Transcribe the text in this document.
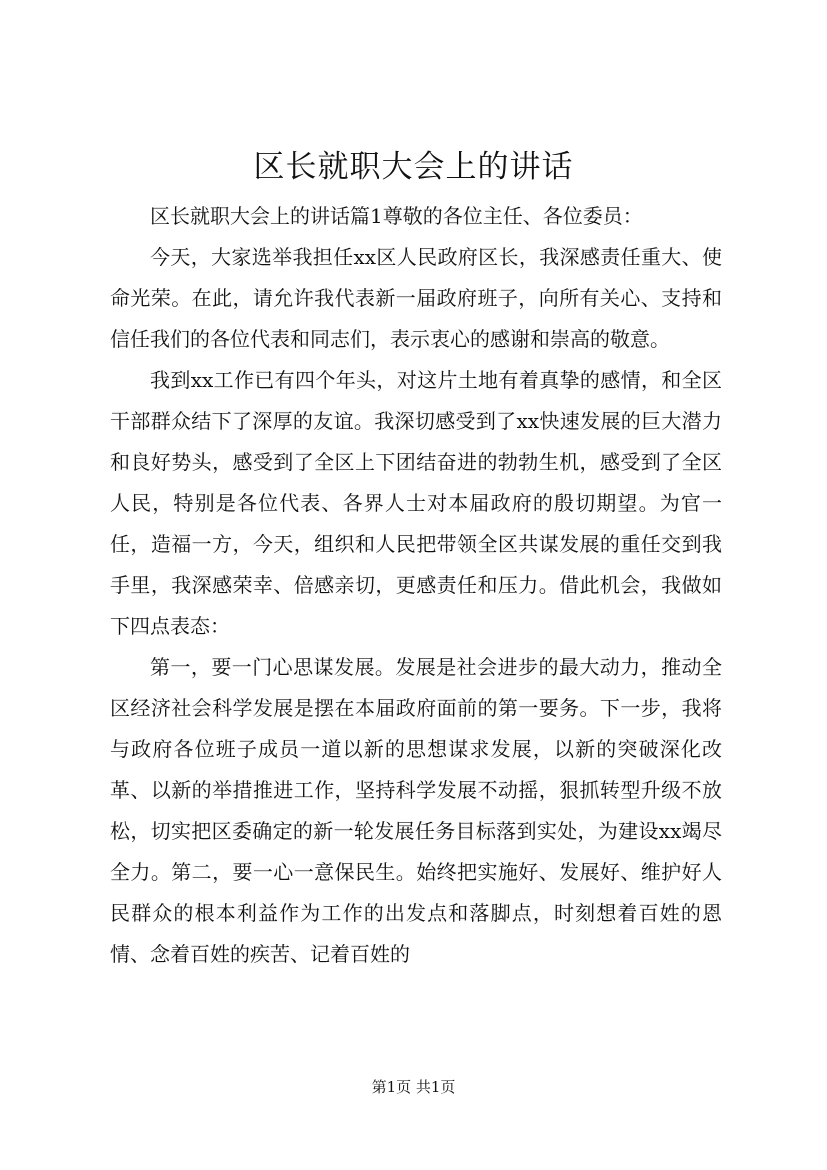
区长就职大会上的讲话

区长就职大会上的讲话篇1尊敬的各位主任、各位委员：

今天，大家选举我担任xx区人民政府区长，我深感责任重大、使命光荣。在此，请允许我代表新一届政府班子，向所有关心、支持和信任我们的各位代表和同志们，表示衷心的感谢和崇高的敬意。

我到xx工作已有四个年头，对这片土地有着真挚的感情，和全区干部群众结下了深厚的友谊。我深切感受到了xx快速发展的巨大潜力和良好势头，感受到了全区上下团结奋进的勃勃生机，感受到了全区人民，特别是各位代表、各界人士对本届政府的殷切期望。为官一任，造福一方，今天，组织和人民把带领全区共谋发展的重任交到我手里，我深感荣幸、倍感亲切，更感责任和压力。借此机会，我做如下四点表态：

第一，要一门心思谋发展。发展是社会进步的最大动力，推动全区经济社会科学发展是摆在本届政府面前的第一要务。下一步，我将与政府各位班子成员一道以新的思想谋求发展，以新的突破深化改革、以新的举措推进工作，坚持科学发展不动摇，狠抓转型升级不放松，切实把区委确定的新一轮发展任务目标落到实处，为建设xx竭尽全力。第二，要一心一意保民生。始终把实施好、发展好、维护好人民群众的根本利益作为工作的出发点和落脚点，时刻想着百姓的恩情、念着百姓的疾苦、记着百姓的

第1页 共1页
